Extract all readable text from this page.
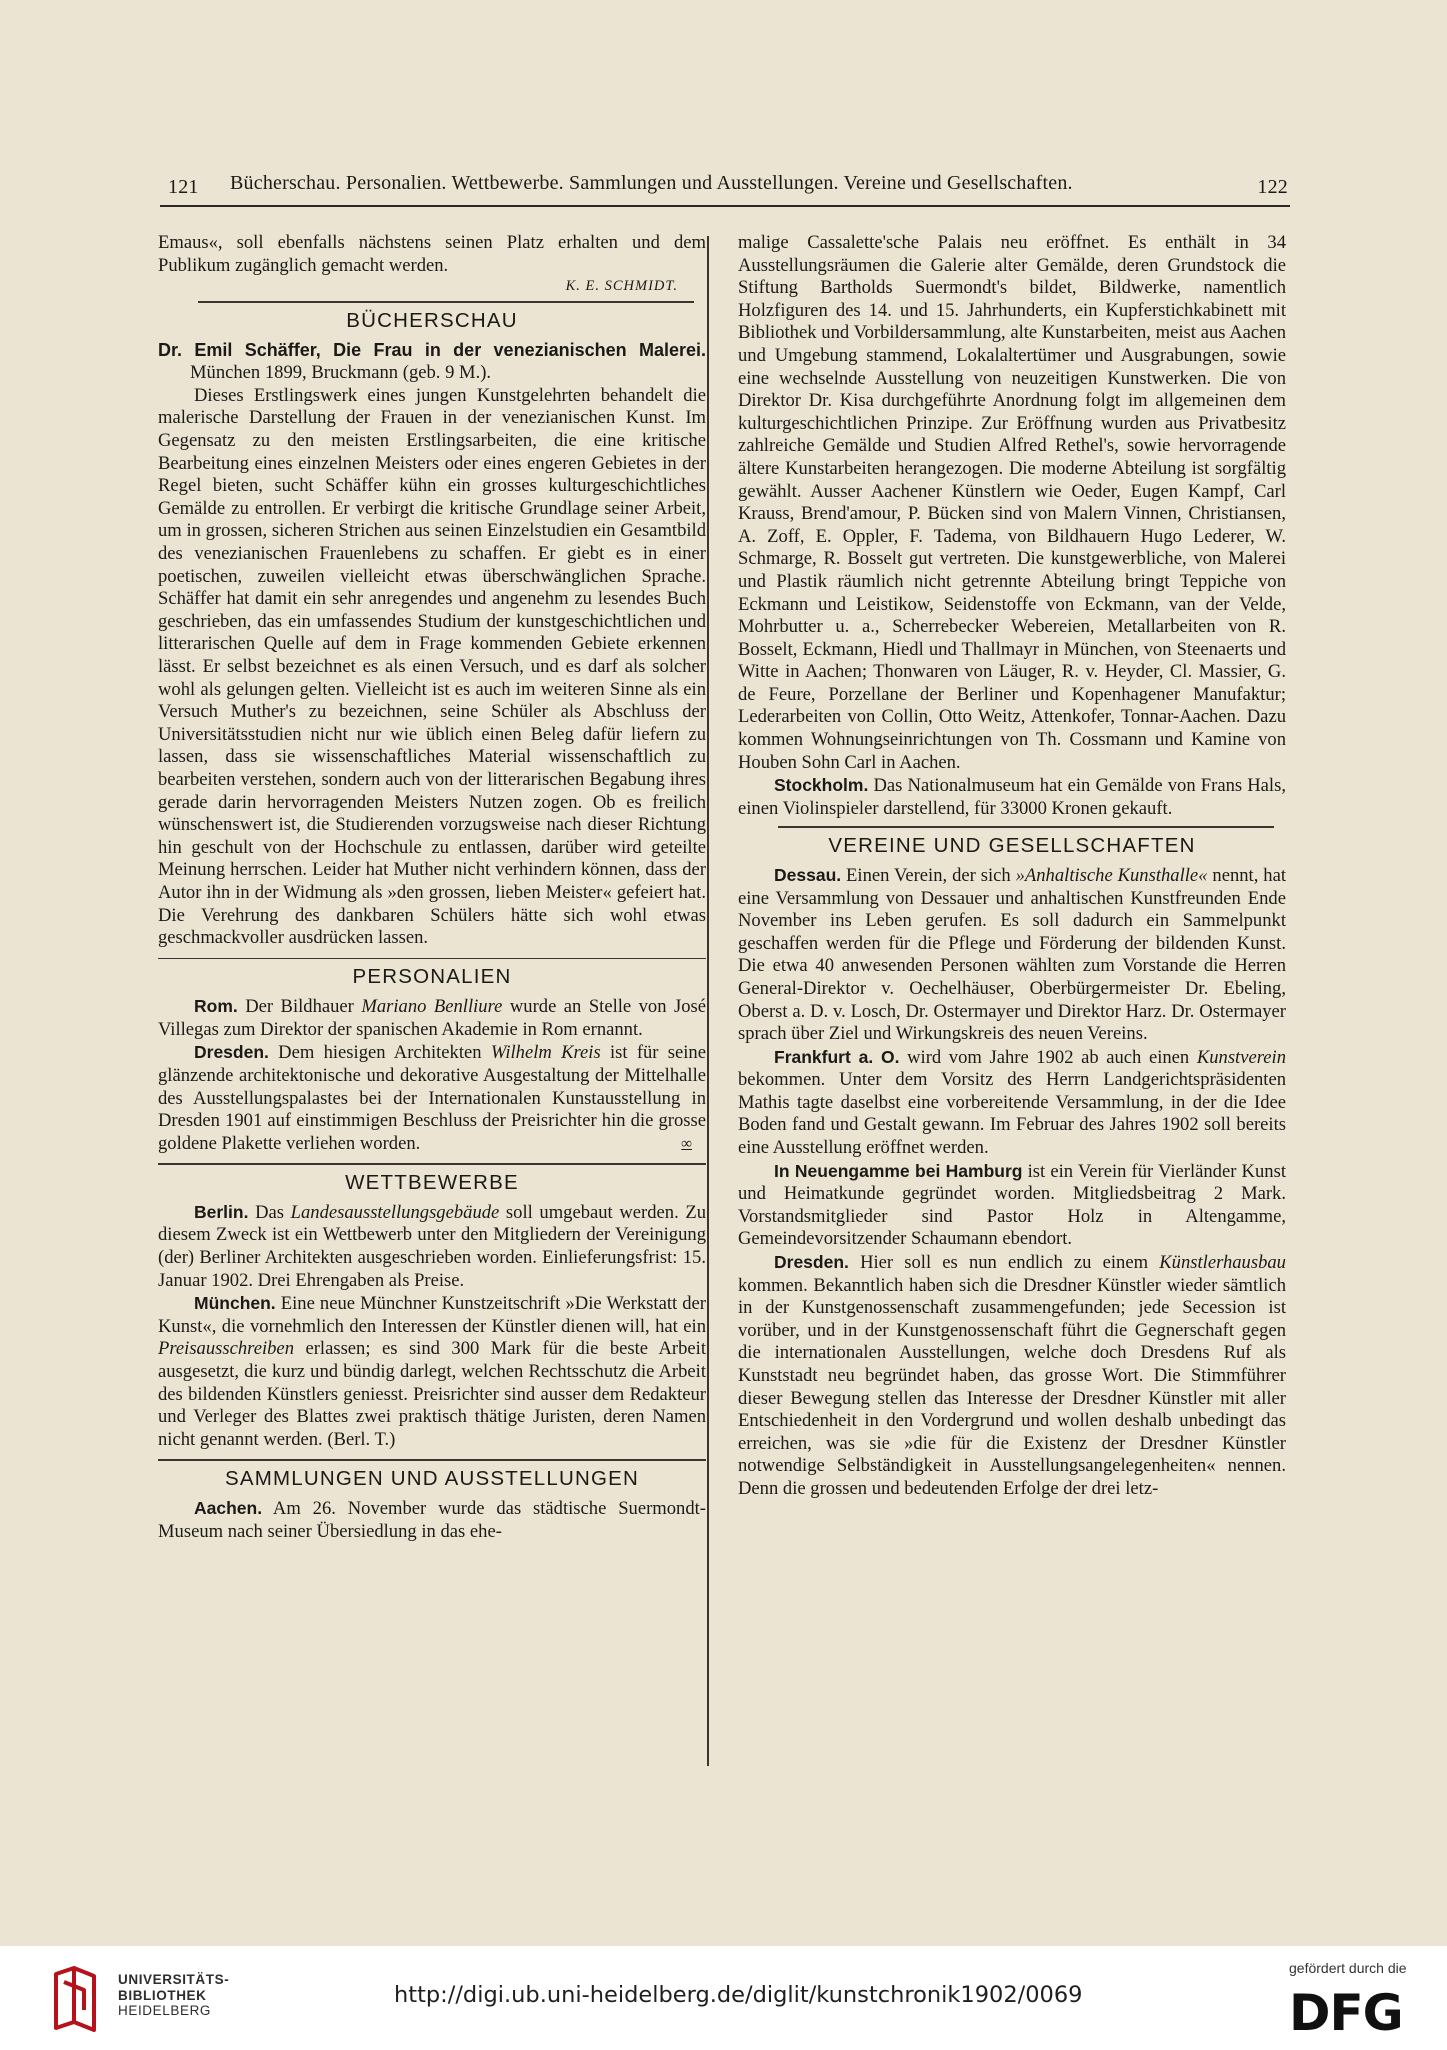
121 Bücherschau. Personalien. Wettbewerbe. Sammlungen und Ausstellungen. Vereine und Gesellschaften.	122

Emaus«, soll ebenfalls nächstens seinen Platz erhalten und dem Publikum zugänglich gemacht werden.

K. E. SCHMIDT.
BÜCHERSCHAU

Dr. Emil Schäffer, Die Frau in der venezianischen Malerei. München 1899, Bruckmann (geb. 9 M.).

Dieses Erstlingswerk eines jungen Kunstgelehrten behandelt die malerische Darstellung der Frauen in der venezianischen Kunst. Im Gegensatz zu den meisten Erstlingsarbeiten, die eine kritische Bearbeitung eines einzelnen Meisters oder eines engeren Gebietes in der Regel bieten, sucht Schäffer kühn ein grosses kulturgeschichtliches Gemälde zu entrollen. Er verbirgt die kritische Grundlage seiner Arbeit, um in grossen, sicheren Strichen aus seinen Einzelstudien ein Gesamtbild des venezianischen Frauenlebens zu schaffen. Er giebt es in einer poetischen, zuweilen vielleicht etwas überschwänglichen Sprache. Schäffer hat damit ein sehr anregendes und angenehm zu lesendes Buch geschrieben, das ein umfassendes Studium der kunstgeschichtlichen und litterarischen Quelle auf dem in Frage kommenden Gebiete erkennen lässt. Er selbst bezeichnet es als einen Versuch, und es darf als solcher wohl als gelungen gelten. Vielleicht ist es auch im weiteren Sinne als ein Versuch Muther's zu bezeichnen, seine Schüler als Abschluss der Universitätsstudien nicht nur wie üblich einen Beleg dafür liefern zu lassen, dass sie wissenschaftliches Material wissenschaftlich zu bearbeiten verstehen, sondern auch von der litterarischen Begabung ihres gerade darin hervorragenden Meisters Nutzen zogen. Ob es freilich wünschenswert ist, die Studierenden vorzugsweise nach dieser Richtung hin geschult von der Hochschule zu entlassen, darüber wird geteilte Meinung herrschen. Leider hat Muther nicht verhindern können, dass der Autor ihn in der Widmung als »den grossen, lieben Meister« gefeiert hat. Die Verehrung des dankbaren Schülers hätte sich wohl etwas geschmackvoller ausdrücken lassen.

PERSONALIEN

Rom. Der Bildhauer Mariano Benlliure wurde an Stelle von José Villegas zum Direktor der spanischen Akademie in Rom ernannt.

Dresden. Dem hiesigen Architekten Wilhelm Kreis ist für seine glänzende architektonische und dekorative Ausgestaltung der Mittelhalle des Ausstellungspalastes bei der Internationalen Kunstausstellung in Dresden 1901 auf einstimmigen Beschluss der Preisrichter hin die grosse goldene Plakette verliehen worden.	∞

WETTBEWERBE

Berlin. Das Landesausstellungsgebäude soll umgebaut werden. Zu diesem Zweck ist ein Wettbewerb unter den Mitgliedern der Vereinigung (der) Berliner Architekten ausgeschrieben worden. Einlieferungsfrist: 15. Januar 1902. Drei Ehrengaben als Preise.

München. Eine neue Münchner Kunstzeitschrift »Die Werkstatt der Kunst«, die vornehmlich den Interessen der Künstler dienen will, hat ein Preisausschreiben erlassen; es sind 300 Mark für die beste Arbeit ausgesetzt, die kurz und bündig darlegt, welchen Rechtsschutz die Arbeit des bildenden Künstlers geniesst. Preisrichter sind ausser dem Redakteur und Verleger des Blattes zwei praktisch thätige Juristen, deren Namen nicht genannt werden. (Berl. T.)

SAMMLUNGEN UND AUSSTELLUNGEN

Aachen. Am 26. November wurde das städtische Suermondt-Museum nach seiner Übersiedlung in das ehe-

malige Cassalette'sche Palais neu eröffnet. Es enthält in 34 Ausstellungsräumen die Galerie alter Gemälde, deren Grundstock die Stiftung Bartholds Suermondt's bildet, Bildwerke, namentlich Holzfiguren des 14. und 15. Jahrhunderts, ein Kupferstichkabinett mit Bibliothek und Vorbildersammlung, alte Kunstarbeiten, meist aus Aachen und Umgebung stammend, Lokalaltertümer und Ausgrabungen, sowie eine wechselnde Ausstellung von neuzeitigen Kunstwerken. Die von Direktor Dr. Kisa durchgeführte Anordnung folgt im allgemeinen dem kulturgeschichtlichen Prinzipe. Zur Eröffnung wurden aus Privatbesitz zahlreiche Gemälde und Studien Alfred Rethel's, sowie hervorragende ältere Kunstarbeiten herangezogen. Die moderne Abteilung ist sorgfältig gewählt. Ausser Aachener Künstlern wie Oeder, Eugen Kampf, Carl Krauss, Brend'amour, P. Bücken sind von Malern Vinnen, Christiansen, A. Zoff, E. Oppler, F. Tadema, von Bildhauern Hugo Lederer, W. Schmarge, R. Bosselt gut vertreten. Die kunstgewerbliche, von Malerei und Plastik räumlich nicht getrennte Abteilung bringt Teppiche von Eckmann und Leistikow, Seidenstoffe von Eckmann, van der Velde, Mohrbutter u. a., Scherrebecker Webereien, Metallarbeiten von R. Bosselt, Eckmann, Hiedl und Thallmayr in München, von Steenaerts und Witte in Aachen; Thonwaren von Läuger, R. v. Heyder, Cl. Massier, G. de Feure, Porzellane der Berliner und Kopenhagener Manufaktur; Lederarbeiten von Collin, Otto Weitz, Attenkofer, Tonnar-Aachen. Dazu kommen Wohnungseinrichtungen von Th. Cossmann und Kamine von Houben Sohn Carl in Aachen.

Stockholm. Das Nationalmuseum hat ein Gemälde von Frans Hals, einen Violinspieler darstellend, für 33000 Kronen gekauft.

VEREINE UND GESELLSCHAFTEN

Dessau. Einen Verein, der sich »Anhaltische Kunsthalle« nennt, hat eine Versammlung von Dessauer und anhaltischen Kunstfreunden Ende November ins Leben gerufen. Es soll dadurch ein Sammelpunkt geschaffen werden für die Pflege und Förderung der bildenden Kunst. Die etwa 40 anwesenden Personen wählten zum Vorstande die Herren General-Direktor v. Oechelhäuser, Oberbürgermeister Dr. Ebeling, Oberst a. D. v. Losch, Dr. Ostermayer und Direktor Harz. Dr. Ostermayer sprach über Ziel und Wirkungskreis des neuen Vereins.

Frankfurt a. O. wird vom Jahre 1902 ab auch einen Kunstverein bekommen. Unter dem Vorsitz des Herrn Landgerichtspräsidenten Mathis tagte daselbst eine vorbereitende Versammlung, in der die Idee Boden fand und Gestalt gewann. Im Februar des Jahres 1902 soll bereits eine Ausstellung eröffnet werden.

In Neuengamme bei Hamburg ist ein Verein für Vierländer Kunst und Heimatkunde gegründet worden. Mitgliedsbeitrag 2 Mark. Vorstandsmitglieder sind Pastor Holz in Altengamme, Gemeindevorsitzender Schaumann ebendort.

Dresden. Hier soll es nun endlich zu einem Künstlerhausbau kommen. Bekanntlich haben sich die Dresdner Künstler wieder sämtlich in der Kunstgenossenschaft zusammengefunden; jede Secession ist vorüber, und in der Kunstgenossenschaft führt die Gegnerschaft gegen die internationalen Ausstellungen, welche doch Dresdens Ruf als Kunststadt neu begründet haben, das grosse Wort. Die Stimmführer dieser Bewegung stellen das Interesse der Dresdner Künstler mit aller Entschiedenheit in den Vordergrund und wollen deshalb unbedingt das erreichen, was sie »die für die Existenz der Dresdner Künstler notwendige Selbständigkeit in Ausstellungsangelegenheiten« nennen. Denn die grossen und bedeutenden Erfolge der drei letz-

UNIVERSITÄTS-
BIBLIOTHEK
HEIDELBERG
http://digi.ub.uni-heidelberg.de/diglit/kunstchronik1902/0069
gefördert durch die
DFG
